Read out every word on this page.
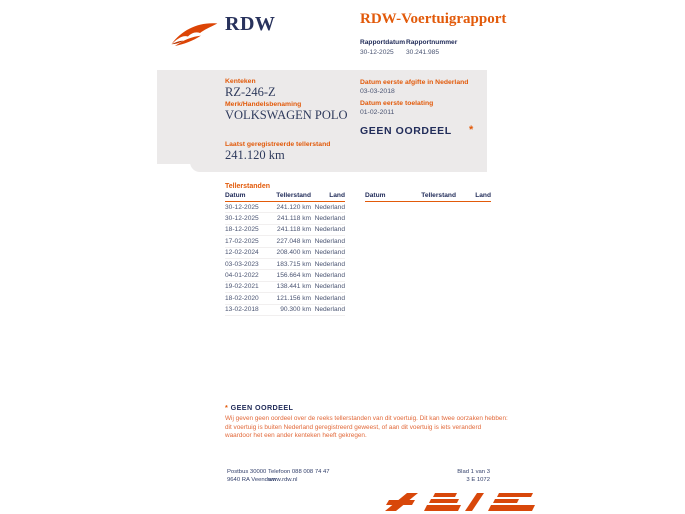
RDW	RDW-Voertuigrapport
Rapportdatum
30-12-2025
Rapportnummer
30.241.985
Kenteken
RZ-246-Z
Merk/Handelsbenaming
VOLKSWAGEN POLO
Laatst geregistreerde tellerstand
241.120 km
Datum eerste afgifte in Nederland
03-03-2018
Datum eerste toelating
01-02-2011
GEEN OORDEEL *
Tellerstanden
Datum	Tellerstand	Land
30-12-2025	241.120 km	Nederland
30-12-2025	241.118 km	Nederland
18-12-2025	241.118 km	Nederland
17-02-2025	227.048 km	Nederland
12-02-2024	208.400 km	Nederland
03-03-2023	183.715 km	Nederland
04-01-2022	156.664 km	Nederland
19-02-2021	138.441 km	Nederland
18-02-2020	121.156 km	Nederland
13-02-2018	90.300 km	Nederland
Datum	Tellerstand	Land
* GEEN OORDEEL
Wij geven geen oordeel over de reeks tellerstanden van dit voertuig. Dit kan twee oorzaken hebben: dit voertuig is buiten Nederland geregistreerd geweest, of aan dit voertuig is iets veranderd waardoor het een ander kenteken heeft gekregen.
Postbus 30000
9640 RA Veendam
Telefoon 088 008 74 47
www.rdw.nl
Blad 1 van 3
3 E 1072
